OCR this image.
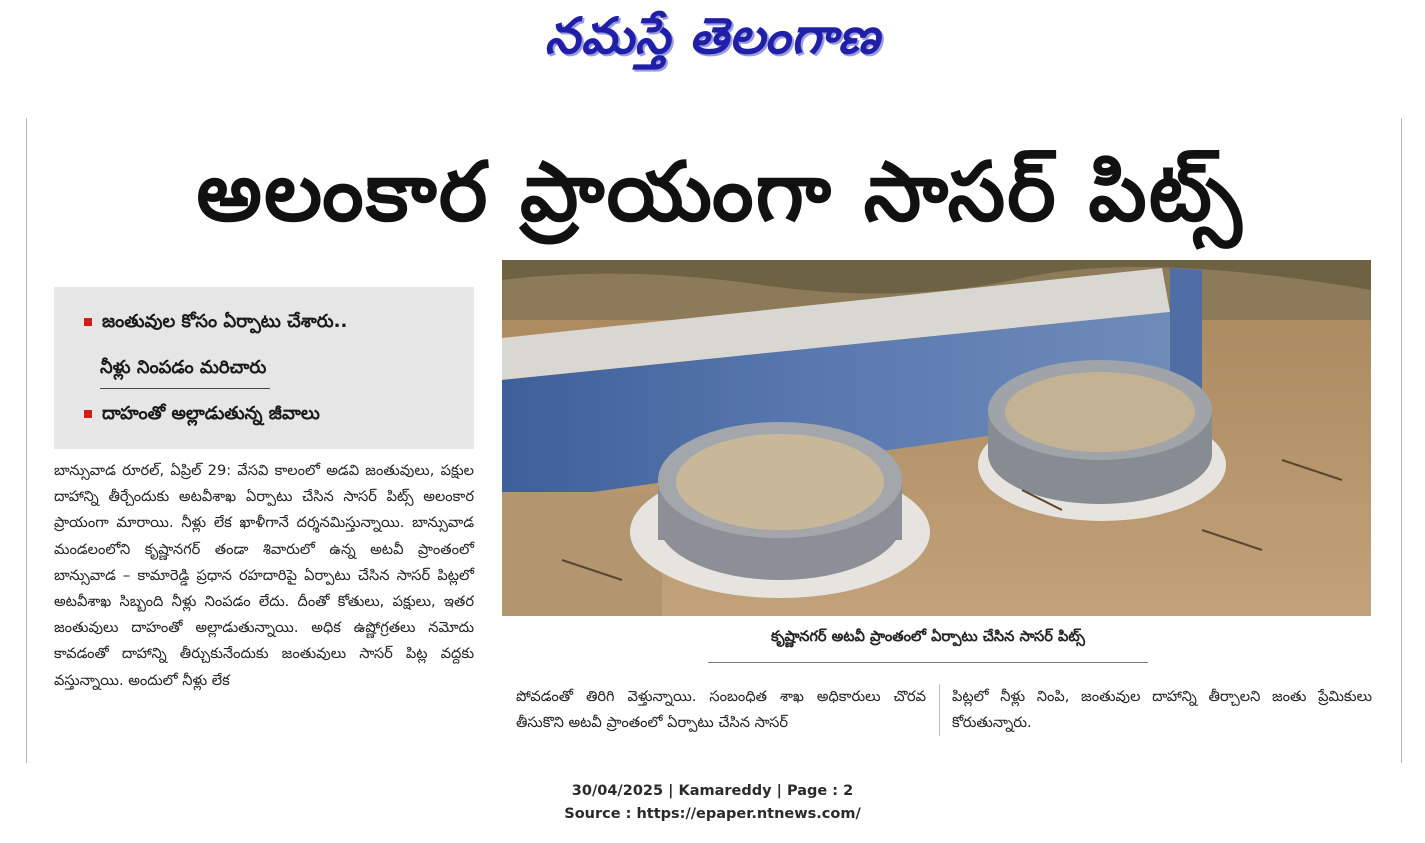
నమస్తే తెలంగాణ
అలంకార ప్రాయంగా సాసర్ పిట్స్
జంతువుల కోసం ఏర్పాటు చేశారు..
నీళ్లు నింపడం మరిచారు
దాహంతో అల్లాడుతున్న జీవాలు

బాన్సువాడ రూరల్, ఏప్రిల్ 29: వేసవి కాలంలో అడవి జంతువులు, పక్షుల దాహాన్ని తీర్చేందుకు అటవీశాఖ ఏర్పాటు చేసిన సాసర్ పిట్స్ అలంకార ప్రాయంగా మారాయి. నీళ్లు లేక ఖాళీగానే దర్శనమిస్తున్నాయి. బాన్సువాడ మండలంలోని కృష్ణానగర్ తండా శివారులో ఉన్న అటవీ ప్రాంతంలో బాన్సువాడ – కామారెడ్డి ప్రధాన రహదారిపై ఏర్పాటు చేసిన సాసర్ పిట్లలో అటవీశాఖ సిబ్బంది నీళ్లు నింపడం లేదు. దీంతో కోతులు, పక్షులు, ఇతర జంతువులు దాహంతో అల్లాడుతున్నాయి. అధిక ఉష్ణోగ్రతలు నమోదు కావడంతో దాహాన్ని తీర్చుకునేందుకు జంతువులు సాసర్ పిట్ల వద్దకు వస్తున్నాయి. అందులో నీళ్లు లేక

కృష్ణానగర్ అటవీ ప్రాంతంలో ఏర్పాటు చేసిన సాసర్ పిట్స్

పోవడంతో తిరిగి వెళ్తున్నాయి. సంబంధిత శాఖ అధికారులు చొరవ తీసుకొని అటవీ ప్రాంతంలో ఏర్పాటు చేసిన సాసర్

పిట్లలో నీళ్లు నింపి, జంతువుల దాహాన్ని తీర్చాలని జంతు ప్రేమికులు కోరుతున్నారు.

30/04/2025 | Kamareddy | Page : 2
Source : https://epaper.ntnews.com/
